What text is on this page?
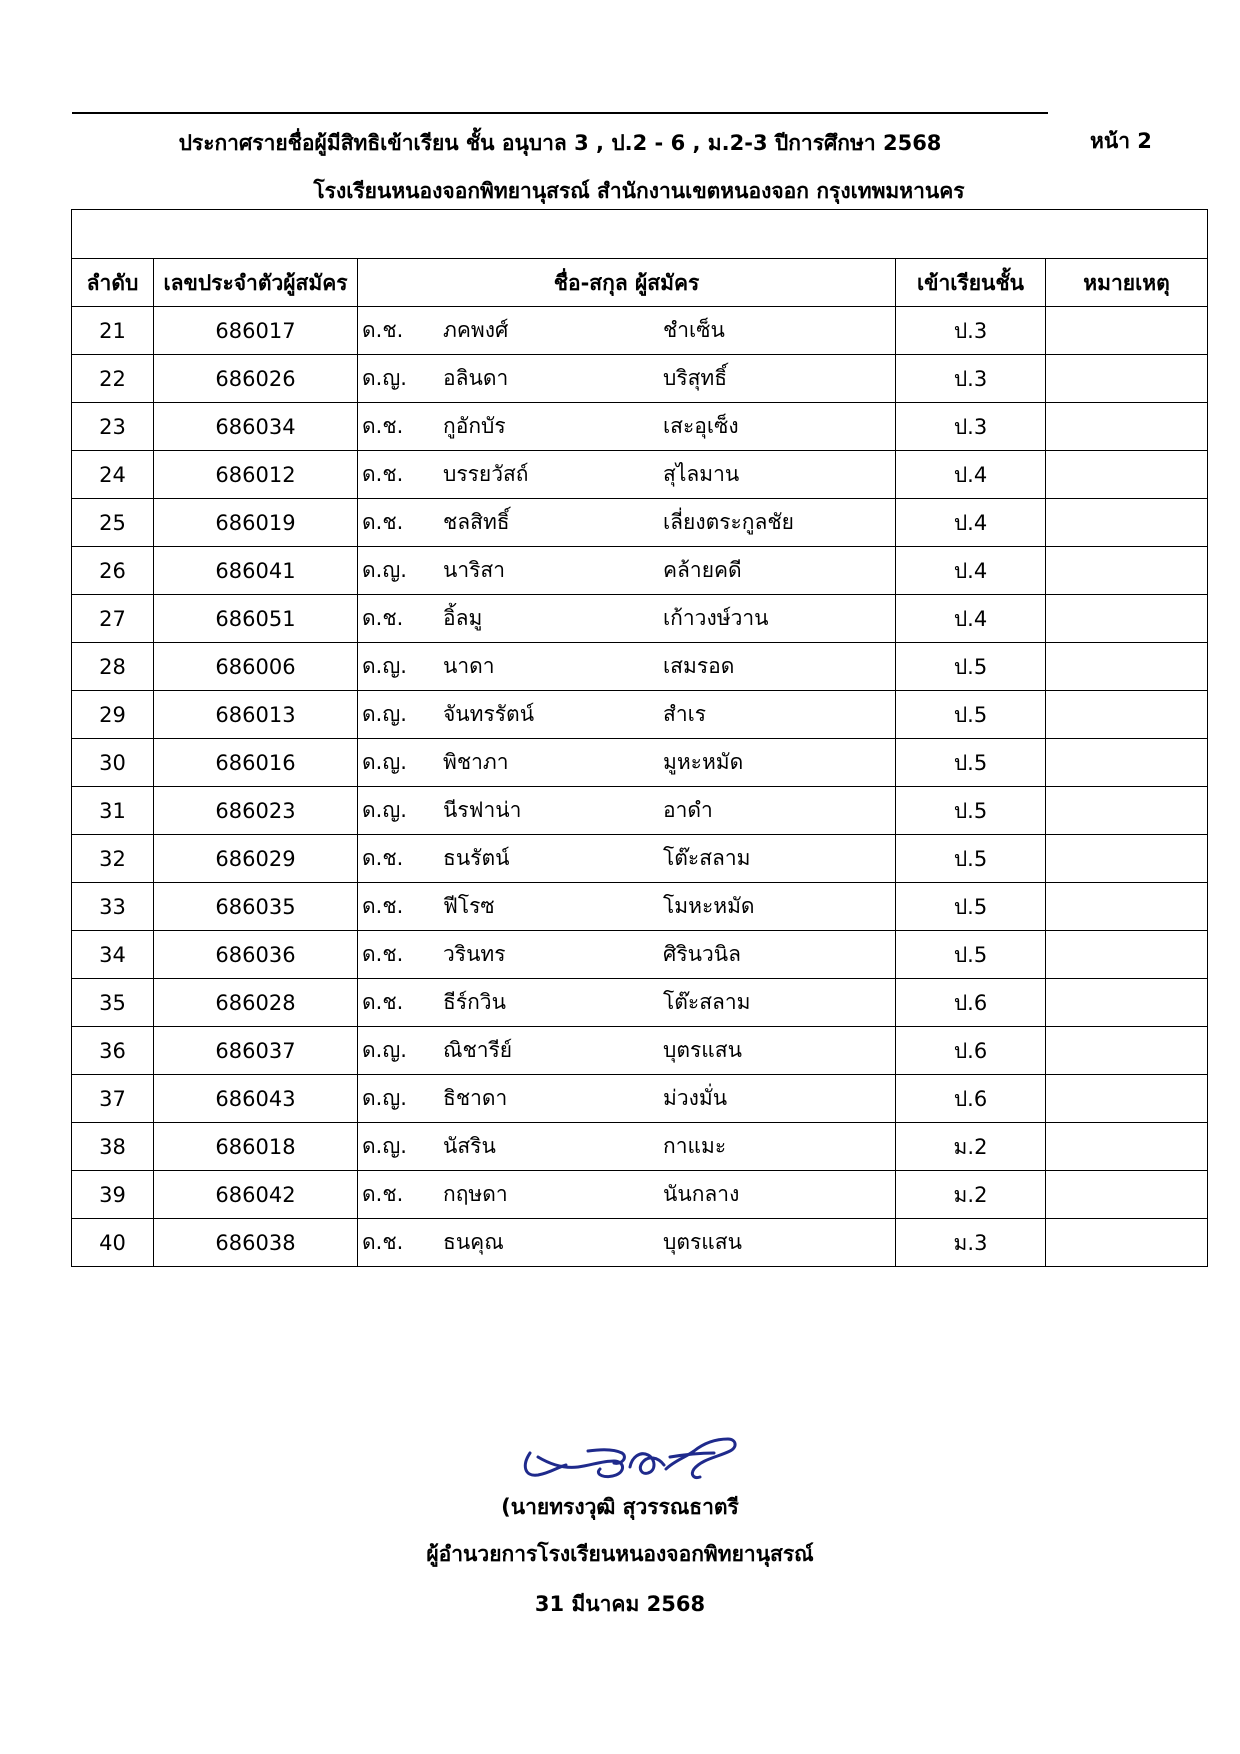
ประกาศรายชื่อผู้มีสิทธิเข้าเรียน ชั้น อนุบาล 3 , ป.2 - 6 , ม.2-3 ปีการศึกษา 2568	หน้า 2
โรงเรียนหนองจอกพิทยานุสรณ์ สำนักงานเขตหนองจอก กรุงเทพมหานคร

ลำดับ	เลขประจำตัวผู้สมัคร	ชื่อ-สกุล ผู้สมัคร	เข้าเรียนชั้น	หมายเหตุ
21	686017	ด.ช. ภคพงศ์ ชำเซ็น	ป.3	
22	686026	ด.ญ. อลินดา บริสุทธิ์	ป.3	
23	686034	ด.ช. กูอักบัร เสะอุเซ็ง	ป.3	
24	686012	ด.ช. บรรยวัสถ์ สุไลมาน	ป.4	
25	686019	ด.ช. ชลสิทธิ์ เลี่ยงตระกูลชัย	ป.4	
26	686041	ด.ญ. นาริสา คล้ายคดี	ป.4	
27	686051	ด.ช. อิ้ลมู เก้าวงษ์วาน	ป.4	
28	686006	ด.ญ. นาดา เสมรอด	ป.5	
29	686013	ด.ญ. จันทรรัตน์ สำเร	ป.5	
30	686016	ด.ญ. พิชาภา มูหะหมัด	ป.5	
31	686023	ด.ญ. นีรฟาน่า อาดำ	ป.5	
32	686029	ด.ช. ธนรัตน์ โต๊ะสลาม	ป.5	
33	686035	ด.ช. ฟีโรซ โมหะหมัด	ป.5	
34	686036	ด.ช. วรินทร ศิรินวนิล	ป.5	
35	686028	ด.ช. ธีร์กวิน โต๊ะสลาม	ป.6	
36	686037	ด.ญ. ณิชารีย์ บุตรแสน	ป.6	
37	686043	ด.ญ. ธิชาดา ม่วงมั่น	ป.6	
38	686018	ด.ญ. นัสริน กาแมะ	ม.2	
39	686042	ด.ช. กฤษดา นันกลาง	ม.2	
40	686038	ด.ช. ธนคุณ บุตรแสน	ม.3	
(นายทรงวุฒิ สุวรรณธาตรี
ผู้อำนวยการโรงเรียนหนองจอกพิทยานุสรณ์
31 มีนาคม 2568
